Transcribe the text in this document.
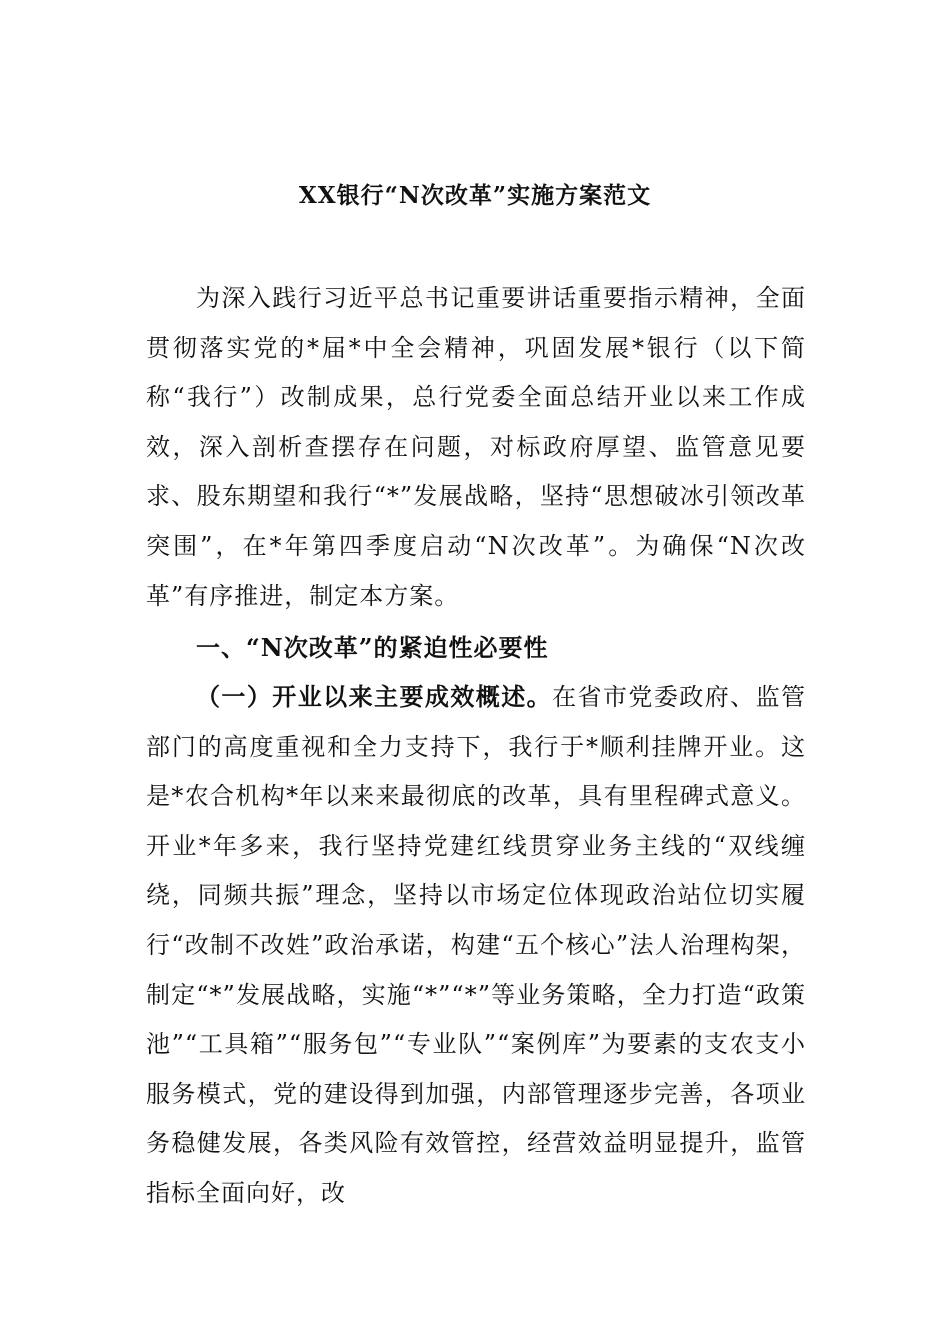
XX银行“N次改革”实施方案范文

为深入践行习近平总书记重要讲话重要指示精神，全面贯彻落实党的*届*中全会精神，巩固发展*银行（以下简称“我行”）改制成果，总行党委全面总结开业以来工作成效，深入剖析查摆存在问题，对标政府厚望、监管意见要求、股东期望和我行“*”发展战略，坚持“思想破冰引领改革突围”，在*年第四季度启动“N次改革”。为确保“N次改革”有序推进，制定本方案。

一、“N次改革”的紧迫性必要性

（一）开业以来主要成效概述。在省市党委政府、监管部门的高度重视和全力支持下，我行于*顺利挂牌开业。这是*农合机构*年以来来最彻底的改革，具有里程碑式意义。开业*年多来，我行坚持党建红线贯穿业务主线的“双线缠绕，同频共振”理念，坚持以市场定位体现政治站位切实履行“改制不改姓”政治承诺，构建“五个核心”法人治理构架，制定“*”发展战略，实施“*”“*”等业务策略，全力打造“政策池”“工具箱”“服务包”“专业队”“案例库”为要素的支农支小服务模式，党的建设得到加强，内部管理逐步完善，各项业务稳健发展，各类风险有效管控，经营效益明显提升，监管指标全面向好，改
